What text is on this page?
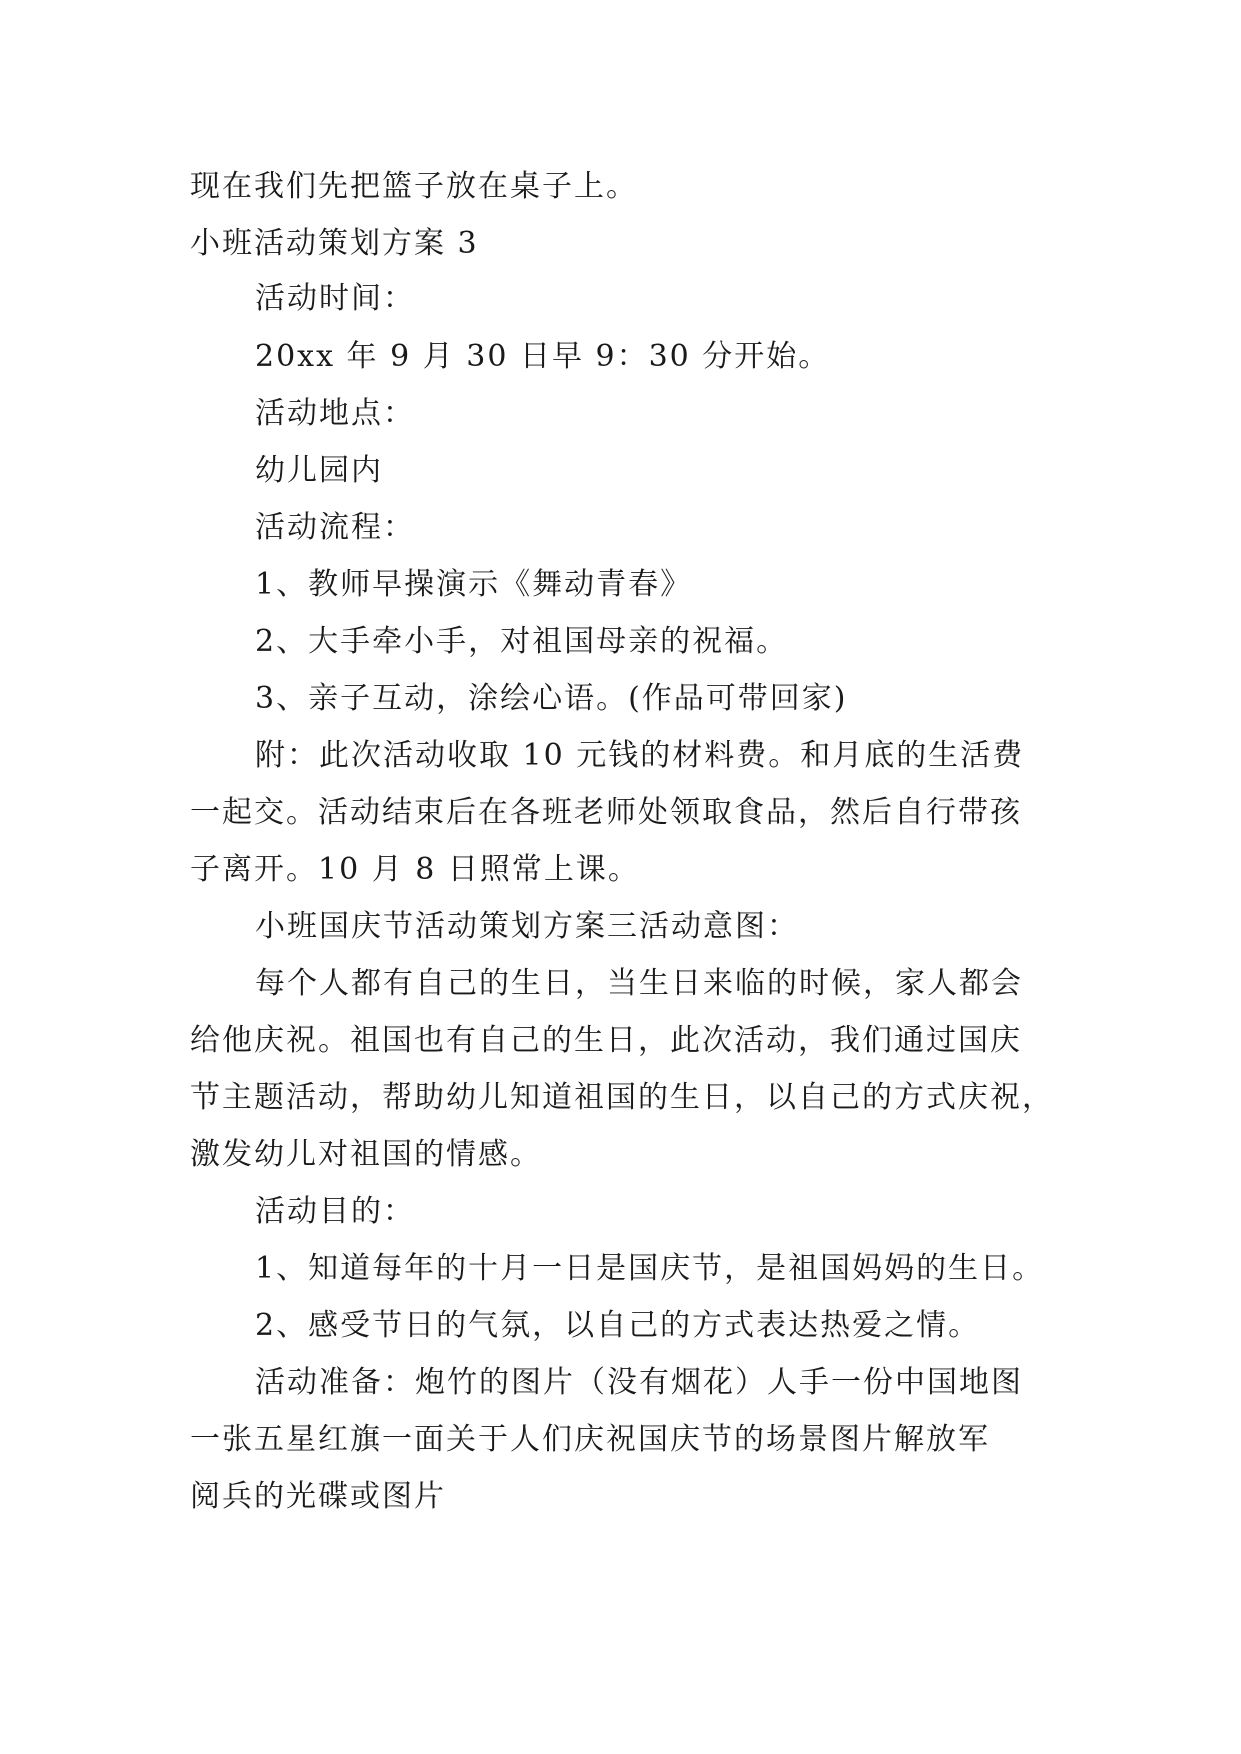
现在我们先把篮子放在桌子上。
小班活动策划方案 3
活动时间：
20xx 年 9 月 30 日早 9：30 分开始。
活动地点：
幼儿园内
活动流程：
1、教师早操演示《舞动青春》
2、大手牵小手，对祖国母亲的祝福。
3、亲子互动，涂绘心语。(作品可带回家)
附：此次活动收取 10 元钱的材料费。和月底的生活费
一起交。活动结束后在各班老师处领取食品，然后自行带孩
子离开。10 月 8 日照常上课。
小班国庆节活动策划方案三活动意图：
每个人都有自己的生日，当生日来临的时候，家人都会
给他庆祝。祖国也有自己的生日，此次活动，我们通过国庆
节主题活动，帮助幼儿知道祖国的生日，以自己的方式庆祝，
激发幼儿对祖国的情感。
活动目的：
1、知道每年的十月一日是国庆节，是祖国妈妈的生日。
2、感受节日的气氛，以自己的方式表达热爱之情。
活动准备：炮竹的图片（没有烟花）人手一份中国地图
一张五星红旗一面关于人们庆祝国庆节的场景图片解放军
阅兵的光碟或图片
